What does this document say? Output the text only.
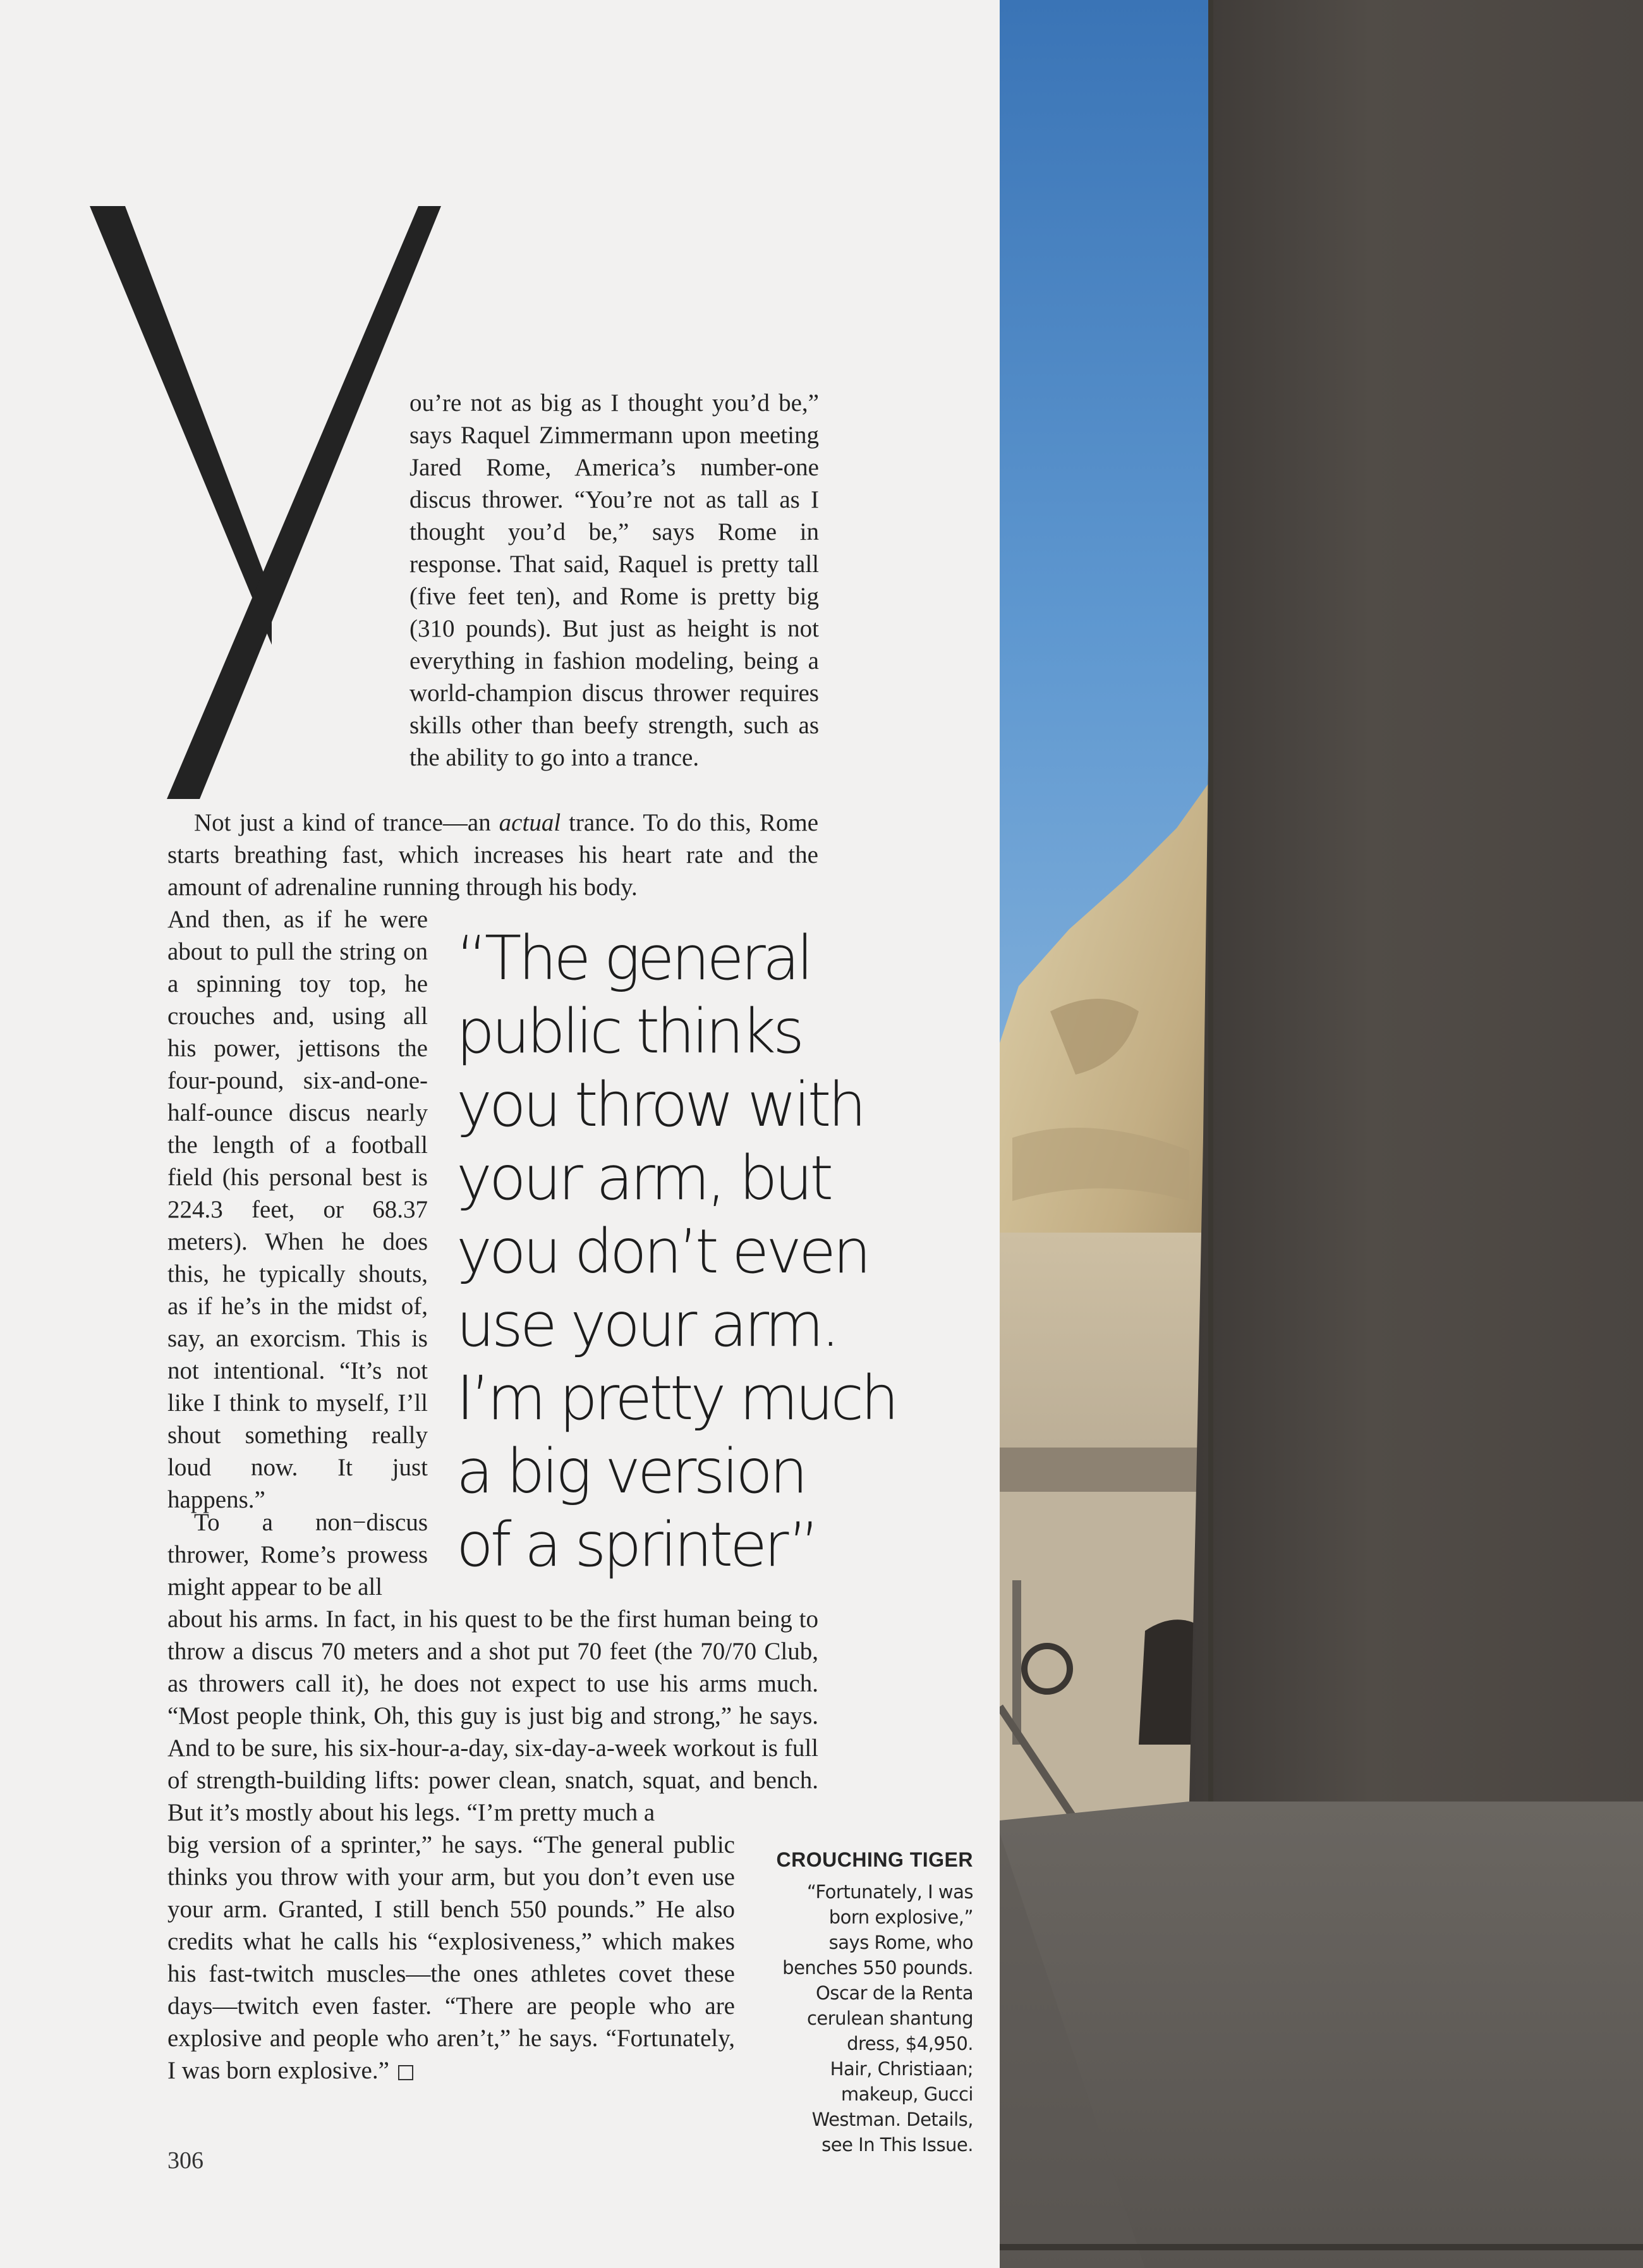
ou’re not as big as I thought you’d be,” says Raquel Zimmermann upon meeting Jared Rome, America’s number-one discus thrower. “You’re not as tall as I thought you’d be,” says Rome in response. That said, Raquel is pretty tall (five feet ten), and Rome is pretty big (310 pounds). But just as height is not everything in fashion modeling, being a world-champion discus thrower requires skills other than beefy strength, such as the ability to go into a trance.

Not just a kind of trance—an actual trance. To do this, Rome starts breathing fast, which increases his heart rate and the amount of adrenaline running through his body.

And then, as if he were about to pull the string on a spinning toy top, he crouches and, using all his power, jettisons the four-pound, six-and-one-half-ounce discus nearly the length of a football field (his personal best is 224.3 feet, or 68.37 meters). When he does this, he typically shouts, as if he’s in the midst of, say, an exorcism. This is not intentional. “It’s not like I think to myself, I’ll shout something really loud now. It just happens.”

To a non−discus thrower, Rome’s prowess might appear to be all

about his arms. In fact, in his quest to be the first human being to throw a discus 70 meters and a shot put 70 feet (the 70/70 Club, as throwers call it), he does not expect to use his arms much. “Most people think, Oh, this guy is just big and strong,” he says. And to be sure, his six-hour-a-day, six-day-a-week workout is full of strength-building lifts: power clean, snatch, squat, and bench. But it’s mostly about his legs. “I’m pretty much a

big version of a sprinter,” he says. “The general public thinks you throw with your arm, but you don’t even use your arm. Granted, I still bench 550 pounds.” He also credits what he calls his “explosiveness,” which makes his fast-twitch muscles—the ones athletes covet these days—twitch even faster. “There are people who are explosive and people who aren’t,” he says. “Fortunately, I was born explosive.”

“The general
public thinks
you throw with
your arm, but
you don’t even
use your arm.
I’m pretty much
a big version
of a sprinter”
CROUCHING TIGER
“Fortunately, I was
born explosive,”
says Rome, who
benches 550 pounds.
Oscar de la Renta
cerulean shantung
dress, $4,950.
Hair, Christiaan;
makeup, Gucci
Westman. Details,
see In This Issue.
306
